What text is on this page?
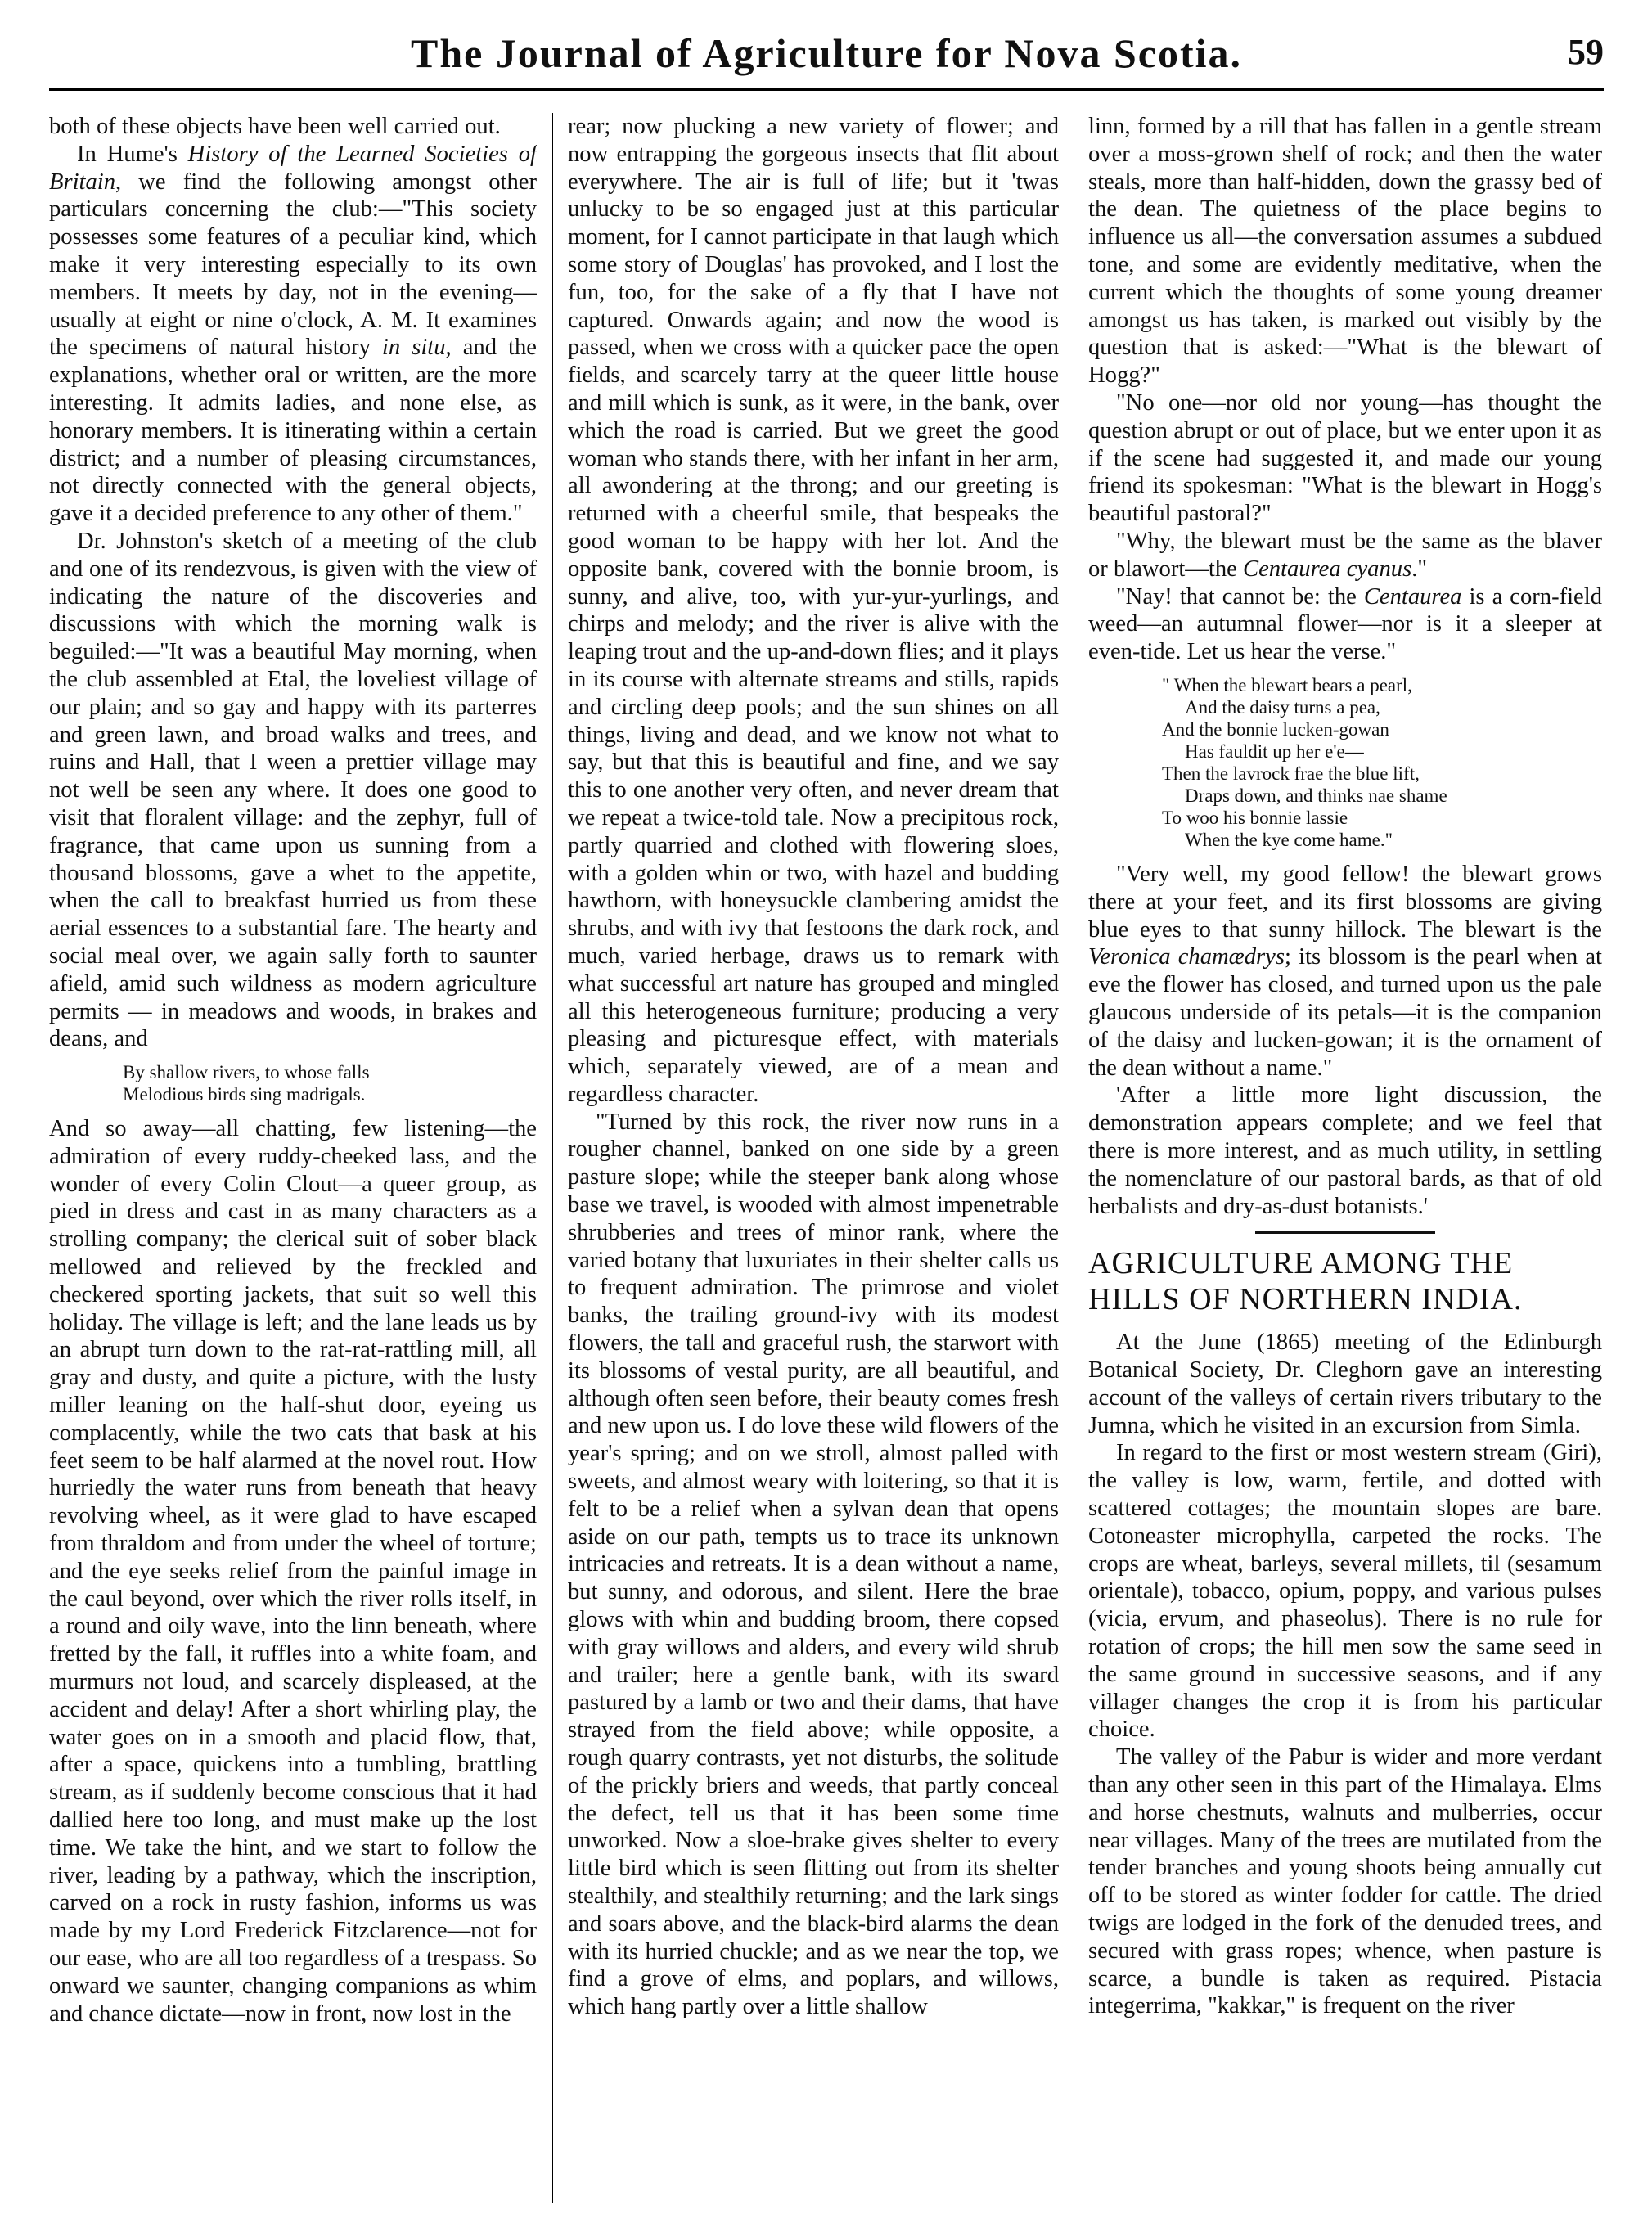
The Journal of Agriculture for Nova Scotia.	59

both of these objects have been well carried out.

In Hume's History of the Learned Societies of Britain, we find the following amongst other particulars concerning the club:—"This society possesses some features of a peculiar kind, which make it very interesting especially to its own members. It meets by day, not in the evening—usually at eight or nine o'clock, A. M. It examines the specimens of natural history in situ, and the explanations, whether oral or written, are the more interesting. It admits ladies, and none else, as honorary members. It is itinerating within a certain district; and a number of pleasing circumstances, not directly connected with the general objects, gave it a decided preference to any other of them."

Dr. Johnston's sketch of a meeting of the club and one of its rendezvous, is given with the view of indicating the nature of the discoveries and discussions with which the morning walk is beguiled:—"It was a beautiful May morning, when the club assembled at Etal, the loveliest village of our plain; and so gay and happy with its parterres and green lawn, and broad walks and trees, and ruins and Hall, that I ween a prettier village may not well be seen any where. It does one good to visit that floralent village: and the zephyr, full of fragrance, that came upon us sunning from a thousand blossoms, gave a whet to the appetite, when the call to breakfast hurried us from these aerial essences to a substantial fare. The hearty and social meal over, we again sally forth to saunter afield, amid such wildness as modern agriculture permits — in meadows and woods, in brakes and deans, and

By shallow rivers, to whose falls
Melodious birds sing madrigals.

And so away—all chatting, few listening—the admiration of every ruddy-cheeked lass, and the wonder of every Colin Clout—a queer group, as pied in dress and cast in as many characters as a strolling company; the clerical suit of sober black mellowed and relieved by the freckled and checkered sporting jackets, that suit so well this holiday. The village is left; and the lane leads us by an abrupt turn down to the rat-rat-rattling mill, all gray and dusty, and quite a picture, with the lusty miller leaning on the half-shut door, eyeing us complacently, while the two cats that bask at his feet seem to be half alarmed at the novel rout. How hurriedly the water runs from beneath that heavy revolving wheel, as it were glad to have escaped from thraldom and from under the wheel of torture; and the eye seeks relief from the painful image in the caul beyond, over which the river rolls itself, in a round and oily wave, into the linn beneath, where fretted by the fall, it ruffles into a white foam, and murmurs not loud, and scarcely displeased, at the accident and delay! After a short whirling play, the water goes on in a smooth and placid flow, that, after a space, quickens into a tumbling, brattling stream, as if suddenly become conscious that it had dallied here too long, and must make up the lost time. We take the hint, and we start to follow the river, leading by a pathway, which the inscription, carved on a rock in rusty fashion, informs us was made by my Lord Frederick Fitzclarence—not for our ease, who are all too regardless of a trespass. So onward we saunter, changing companions as whim and chance dictate—now in front, now lost in the

rear; now plucking a new variety of flower; and now entrapping the gorgeous insects that flit about everywhere. The air is full of life; but it 'twas unlucky to be so engaged just at this particular moment, for I cannot participate in that laugh which some story of Douglas' has provoked, and I lost the fun, too, for the sake of a fly that I have not captured. Onwards again; and now the wood is passed, when we cross with a quicker pace the open fields, and scarcely tarry at the queer little house and mill which is sunk, as it were, in the bank, over which the road is carried. But we greet the good woman who stands there, with her infant in her arm, all awondering at the throng; and our greeting is returned with a cheerful smile, that bespeaks the good woman to be happy with her lot. And the opposite bank, covered with the bonnie broom, is sunny, and alive, too, with yur-yur-yurlings, and chirps and melody; and the river is alive with the leaping trout and the up-and-down flies; and it plays in its course with alternate streams and stills, rapids and circling deep pools; and the sun shines on all things, living and dead, and we know not what to say, but that this is beautiful and fine, and we say this to one another very often, and never dream that we repeat a twice-told tale. Now a precipitous rock, partly quarried and clothed with flowering sloes, with a golden whin or two, with hazel and budding hawthorn, with honeysuckle clambering amidst the shrubs, and with ivy that festoons the dark rock, and much, varied herbage, draws us to remark with what successful art nature has grouped and mingled all this heterogeneous furniture; producing a very pleasing and picturesque effect, with materials which, separately viewed, are of a mean and regardless character.

"Turned by this rock, the river now runs in a rougher channel, banked on one side by a green pasture slope; while the steeper bank along whose base we travel, is wooded with almost impenetrable shrubberies and trees of minor rank, where the varied botany that luxuriates in their shelter calls us to frequent admiration. The primrose and violet banks, the trailing ground-ivy with its modest flowers, the tall and graceful rush, the starwort with its blossoms of vestal purity, are all beautiful, and although often seen before, their beauty comes fresh and new upon us. I do love these wild flowers of the year's spring; and on we stroll, almost palled with sweets, and almost weary with loitering, so that it is felt to be a relief when a sylvan dean that opens aside on our path, tempts us to trace its unknown intricacies and retreats. It is a dean without a name, but sunny, and odorous, and silent. Here the brae glows with whin and budding broom, there copsed with gray willows and alders, and every wild shrub and trailer; here a gentle bank, with its sward pastured by a lamb or two and their dams, that have strayed from the field above; while opposite, a rough quarry contrasts, yet not disturbs, the solitude of the prickly briers and weeds, that partly conceal the defect, tell us that it has been some time unworked. Now a sloe-brake gives shelter to every little bird which is seen flitting out from its shelter stealthily, and stealthily returning; and the lark sings and soars above, and the black-bird alarms the dean with its hurried chuckle; and as we near the top, we find a grove of elms, and poplars, and willows, which hang partly over a little shallow

linn, formed by a rill that has fallen in a gentle stream over a moss-grown shelf of rock; and then the water steals, more than half-hidden, down the grassy bed of the dean. The quietness of the place begins to influence us all—the conversation assumes a subdued tone, and some are evidently meditative, when the current which the thoughts of some young dreamer amongst us has taken, is marked out visibly by the question that is asked:—"What is the blewart of Hogg?"

"No one—nor old nor young—has thought the question abrupt or out of place, but we enter upon it as if the scene had suggested it, and made our young friend its spokesman: "What is the blewart in Hogg's beautiful pastoral?"

"Why, the blewart must be the same as the blaver or blawort—the Centaurea cyanus."

"Nay! that cannot be: the Centaurea is a corn-field weed—an autumnal flower—nor is it a sleeper at even-tide. Let us hear the verse."

" When the blewart bears a pearl,
And the daisy turns a pea,
And the bonnie lucken-gowan
Has fauldit up her e'e—
Then the lavrock frae the blue lift,
Draps down, and thinks nae shame
To woo his bonnie lassie
When the kye come hame."

"Very well, my good fellow! the blewart grows there at your feet, and its first blossoms are giving blue eyes to that sunny hillock. The blewart is the Veronica chamædrys; its blossom is the pearl when at eve the flower has closed, and turned upon us the pale glaucous underside of its petals—it is the companion of the daisy and lucken-gowan; it is the ornament of the dean without a name."

'After a little more light discussion, the demonstration appears complete; and we feel that there is more interest, and as much utility, in settling the nomenclature of our pastoral bards, as that of old herbalists and dry-as-dust botanists.'

AGRICULTURE AMONG THE HILLS OF NORTHERN INDIA.

At the June (1865) meeting of the Edinburgh Botanical Society, Dr. Cleghorn gave an interesting account of the valleys of certain rivers tributary to the Jumna, which he visited in an excursion from Simla.

In regard to the first or most western stream (Giri), the valley is low, warm, fertile, and dotted with scattered cottages; the mountain slopes are bare. Cotoneaster microphylla, carpeted the rocks. The crops are wheat, barleys, several millets, til (sesamum orientale), tobacco, opium, poppy, and various pulses (vicia, ervum, and phaseolus). There is no rule for rotation of crops; the hill men sow the same seed in the same ground in successive seasons, and if any villager changes the crop it is from his particular choice.

The valley of the Pabur is wider and more verdant than any other seen in this part of the Himalaya. Elms and horse chestnuts, walnuts and mulberries, occur near villages. Many of the trees are mutilated from the tender branches and young shoots being annually cut off to be stored as winter fodder for cattle. The dried twigs are lodged in the fork of the denuded trees, and secured with grass ropes; whence, when pasture is scarce, a bundle is taken as required. Pistacia integerrima, "kakkar," is frequent on the river
